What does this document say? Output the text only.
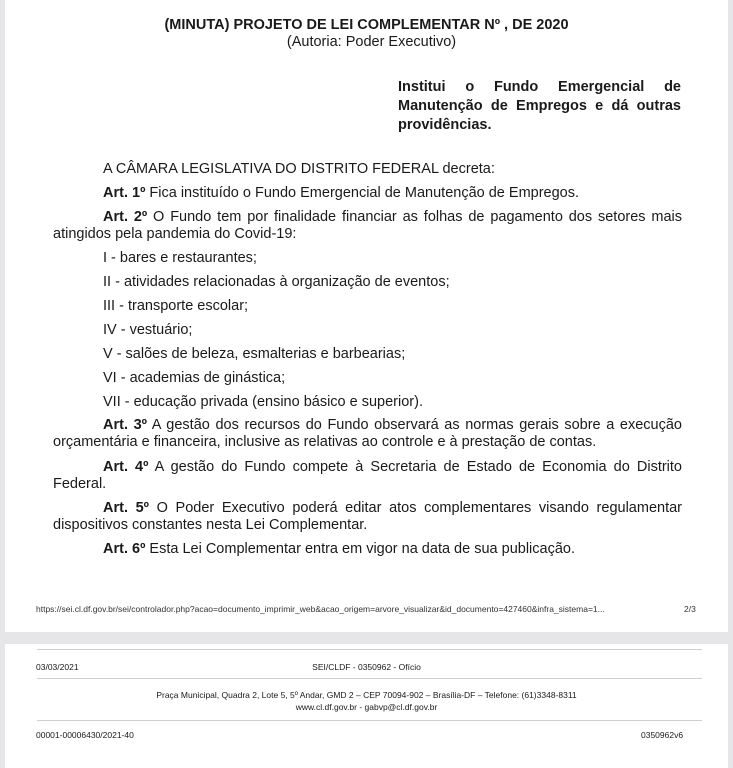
(MINUTA) PROJETO DE LEI COMPLEMENTAR Nº , DE 2020
(Autoria: Poder Executivo)
Institui o Fundo Emergencial de Manutenção de Empregos e dá outras providências.
A CÂMARA LEGISLATIVA DO DISTRITO FEDERAL decreta:
Art. 1º Fica instituído o Fundo Emergencial de Manutenção de Empregos.
Art. 2º O Fundo tem por finalidade financiar as folhas de pagamento dos setores mais atingidos pela pandemia do Covid-19:
I - bares e restaurantes;
II - atividades relacionadas à organização de eventos;
III - transporte escolar;
IV - vestuário;
V - salões de beleza, esmalterias e barbearias;
VI - academias de ginástica;
VII - educação privada (ensino básico e superior).
Art. 3º A gestão dos recursos do Fundo observará as normas gerais sobre a execução orçamentária e financeira, inclusive as relativas ao controle e à prestação de contas.
Art. 4º A gestão do Fundo compete à Secretaria de Estado de Economia do Distrito Federal.
Art. 5º O Poder Executivo poderá editar atos complementares visando regulamentar dispositivos constantes nesta Lei Complementar.
Art. 6º Esta Lei Complementar entra em vigor na data de sua publicação.
https://sei.cl.df.gov.br/sei/controlador.php?acao=documento_imprimir_web&acao_origem=arvore_visualizar&id_documento=427460&infra_sistema=1...	2/3
03/03/2021	SEI/CLDF - 0350962 - Ofício
Praça Municipal, Quadra 2, Lote 5, 5º Andar, GMD 2 – CEP 70094-902 – Brasília-DF – Telefone: (61)3348-8311
www.cl.df.gov.br - gabvp@cl.df.gov.br
00001-00006430/2021-40	0350962v6
